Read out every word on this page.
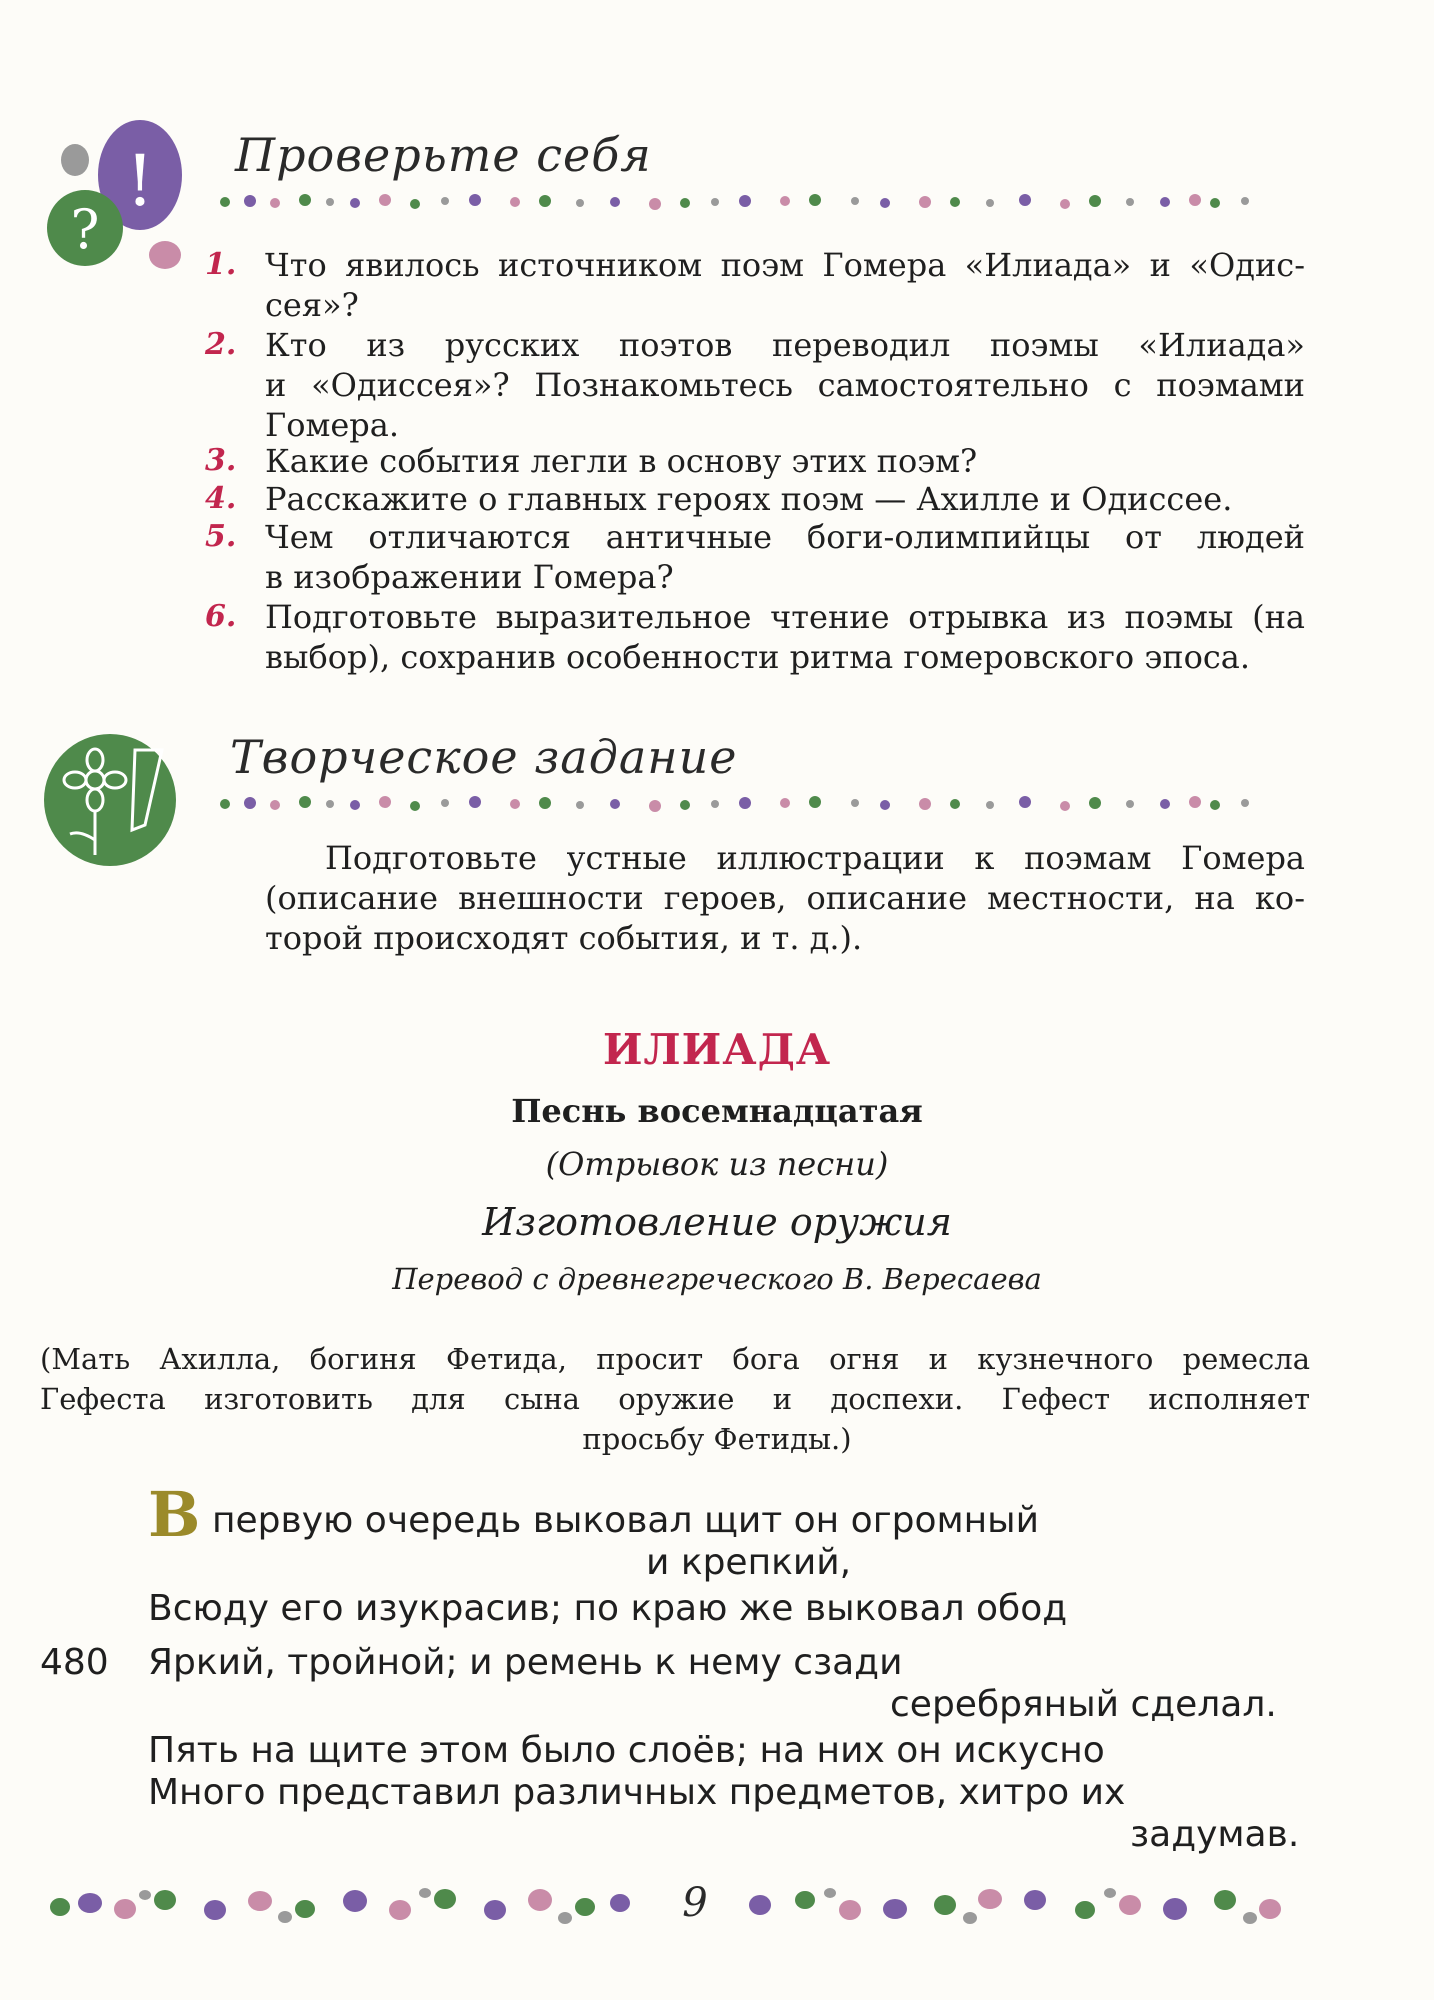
!
?
Проверьте себя
1. Что явилось источником поэм Гомера «Илиада» и «Одис-
сея»?
2. Кто из русских поэтов переводил поэмы «Илиада»
и «Одиссея»? Познакомьтесь самостоятельно с поэмами
Гомера.
3. Какие события легли в основу этих поэм?
4. Расскажите о главных героях поэм — Ахилле и Одиссее.
5. Чем отличаются античные боги-олимпийцы от людей
в изображении Гомера?
6. Подготовьте выразительное чтение отрывка из поэмы (на
выбор), сохранив особенности ритма гомеровского эпоса.
Творческое задание
Подготовьте устные иллюстрации к поэмам Гомера
(описание внешности героев, описание местности, на ко-
торой происходят события, и т. д.).
ИЛИАДА
Песнь восемнадцатая
(Отрывок из песни)
Изготовление оружия
Перевод с древнегреческого В. Вересаева
(Мать Ахилла, богиня Фетида, просит бога огня и кузнечного ремесла
Гефеста изготовить для сына оружие и доспехи. Гефест исполняет
просьбу Фетиды.)
В первую очередь выковал щит он огромный
и крепкий,
Всюду его изукрасив; по краю же выковал обод
480 Яркий, тройной; и ремень к нему сзади
серебряный сделал.
Пять на щите этом было слоёв; на них он искусно
Много представил различных предметов, хитро их
задумав.
9
